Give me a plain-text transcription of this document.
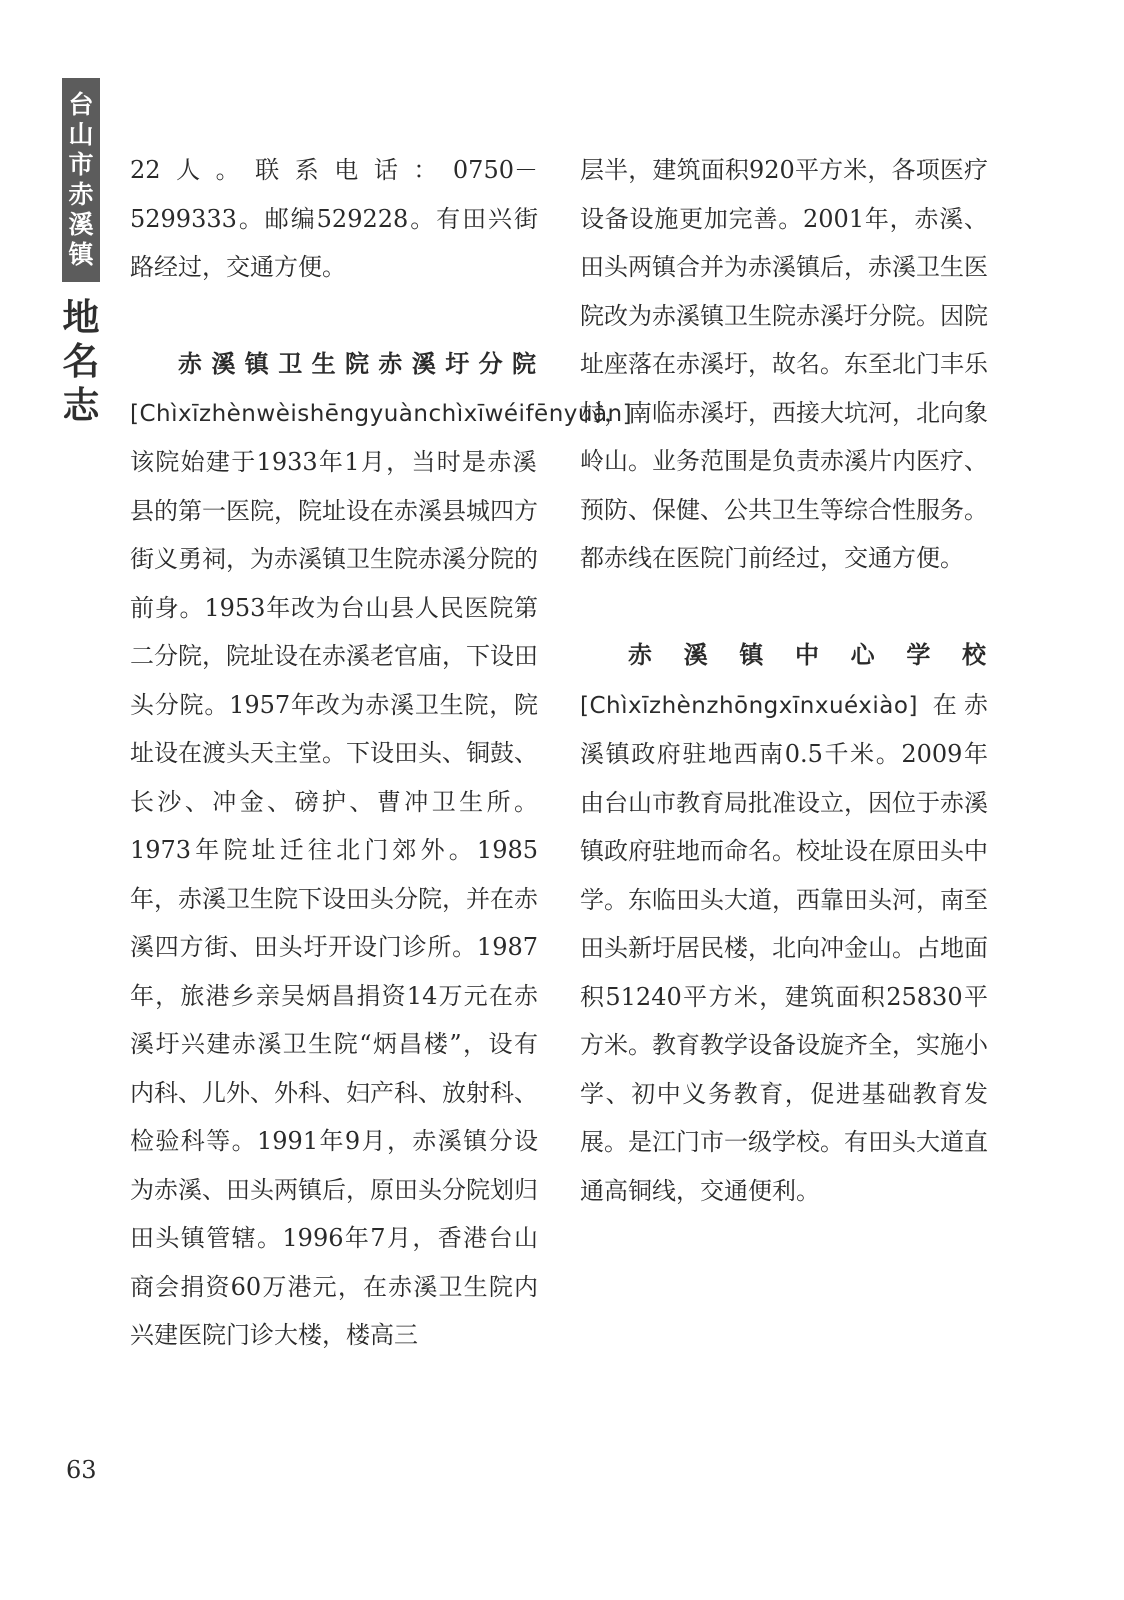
台
山
市
赤
溪
镇
地
名
志

22人。联系电话：0750－5299333。邮编529228。有田兴街路经过，交通方便。

赤溪镇卫生院赤溪圩分院[Chìxīzhènwèishēngyuànchìxīwéifēnyuàn] 该院始建于1933年1月，当时是赤溪县的第一医院，院址设在赤溪县城四方街义勇祠，为赤溪镇卫生院赤溪分院的前身。1953年改为台山县人民医院第二分院，院址设在赤溪老官庙，下设田头分院。1957年改为赤溪卫生院，院址设在渡头天主堂。下设田头、铜鼓、长沙、冲金、磅护、曹冲卫生所。1973年院址迁往北门郊外。1985年，赤溪卫生院下设田头分院，并在赤溪四方街、田头圩开设门诊所。1987年，旅港乡亲吴炳昌捐资14万元在赤溪圩兴建赤溪卫生院“炳昌楼”，设有内科、儿外、外科、妇产科、放射科、检验科等。1991年9月，赤溪镇分设为赤溪、田头两镇后，原田头分院划归田头镇管辖。1996年7月，香港台山商会捐资60万港元，在赤溪卫生院内兴建医院门诊大楼，楼高三

层半，建筑面积920平方米，各项医疗设备设施更加完善。2001年，赤溪、田头两镇合并为赤溪镇后，赤溪卫生医院改为赤溪镇卫生院赤溪圩分院。因院址座落在赤溪圩，故名。东至北门丰乐村，南临赤溪圩，西接大坑河，北向象岭山。业务范围是负责赤溪片内医疗、预防、保健、公共卫生等综合性服务。都赤线在医院门前经过，交通方便。

赤溪镇中心学校 [Chìxīzhènzhōngxīnxuéxiào] 在赤溪镇政府驻地西南0.5千米。2009年由台山市教育局批准设立，因位于赤溪镇政府驻地而命名。校址设在原田头中学。东临田头大道，西靠田头河，南至田头新圩居民楼，北向冲金山。占地面积51240平方米，建筑面积25830平方米。教育教学设备设旋齐全，实施小学、初中义务教育，促进基础教育发展。是江门市一级学校。有田头大道直通高铜线，交通便利。

63
